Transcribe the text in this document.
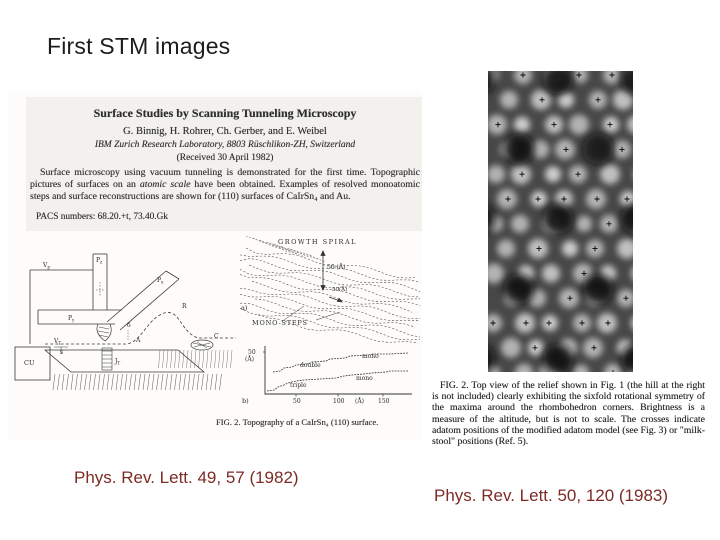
First STM images
Surface Studies by Scanning Tunneling Microscopy
G. Binnig, H. Rohrer, Ch. Gerber, and E. Weibel
IBM Zurich Research Laboratory, 8803 Rüschlikon-ZH, Switzerland
(Received 30 April 1982)
Surface microscopy using vacuum tunneling is demonstrated for the first time. Topographic pictures of surfaces on an atomic scale have been obtained. Examples of resolved monoatomic steps and surface reconstructions are shown for (110) surfaces of CaIrSn₄ and Au.
PACS numbers: 68.20.+t, 73.40.Gk
$P_z$
$V_p$
$P_x$
$P_y$
R
δ
A
C
CU
$V_T$
s
$J_T$
GROWTH SPIRAL
50 (Å)
50(Å)
MONO-STEPS
a)
50
(Å)
double
mono
triple
mono
50	100 (Å) 150
b)
FIG. 2. Topography of a CaIrSn₄ (110) surface.
FIG. 2. Top view of the relief shown in Fig. 1 (the hill at the right is not included) clearly exhibiting the sixfold rotational symmetry of the maxima around the rhombohedron corners. Brightness is a measure of the altitude, but is not to scale. The crosses indicate adatom positions of the modified adatom model (see Fig. 3) or "milk-stool" positions (Ref. 5).
Phys. Rev. Lett. 49, 57 (1982)
Phys. Rev. Lett. 50, 120 (1983)
